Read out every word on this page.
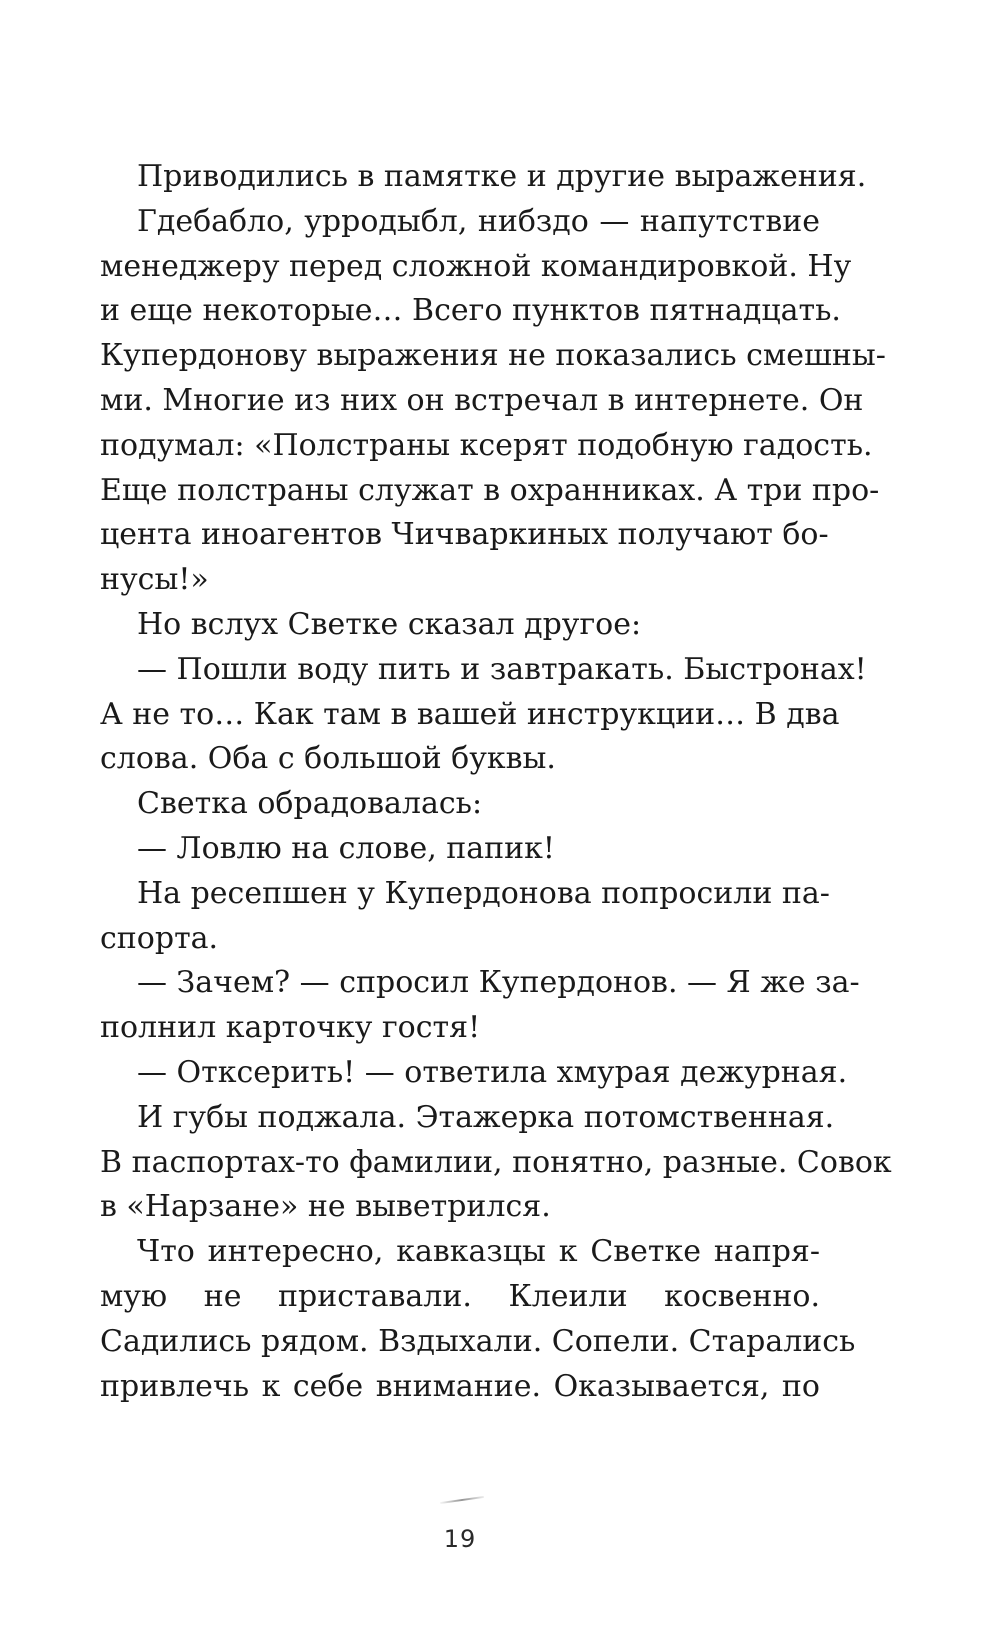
Приводились в памятке и другие выражения.
Гдебабло, урродыбл, нибздо — напутствие
менеджеру перед сложной командировкой. Ну
и еще некоторые… Всего пунктов пятнадцать.
Купердонову выражения не показались смешны-
ми. Многие из них он встречал в интернете. Он
подумал: «Полстраны ксерят подобную гадость.
Еще полстраны служат в охранниках. А три про-
цента иноагентов Чичваркиных получают бо-
нусы!»
Но вслух Светке сказал другое:
— Пошли воду пить и завтракать. Быстронах!
А не то… Как там в вашей инструкции… В два
слова. Оба с большой буквы.
Светка обрадовалась:
— Ловлю на слове, папик!
На ресепшен у Купердонова попросили па-
спорта.
— Зачем? — спросил Купердонов. — Я же за-
полнил карточку гостя!
— Отксерить! — ответила хмурая дежурная.
И губы поджала. Этажерка потомственная.
В паспортах-то фамилии, понятно, разные. Совок
в «Нарзане» не выветрился.
Что интересно, кавказцы к Светке напря-
мую не приставали. Клеили косвенно.
Садились рядом. Вздыхали. Сопели. Старались
привлечь к себе внимание. Оказывается, по
19
